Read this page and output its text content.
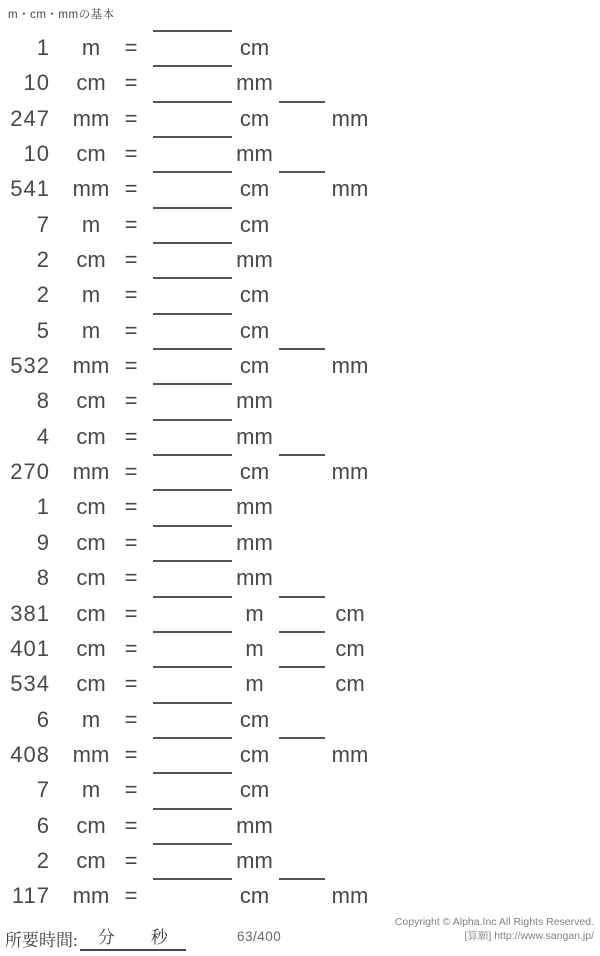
m・cm・mmの基本
1	m	=	cm
10	cm =	mm
247	mm =	cm	mm
10	cm =	mm
541	mm =	cm	mm
7	m	=	cm
2	cm =	mm
2	m	=	cm
5	m	=	cm
532	mm =	cm	mm
8	cm =	mm
4	cm =	mm
270	mm =	cm	mm
1	cm =	mm
9	cm =	mm
8	cm =	mm
381	cm =	m	cm
401	cm =	m	cm
534	cm =	m	cm
6	m	=	cm
408	mm =	cm	mm
7	m	=	cm
6	cm =	mm
2	cm =	mm
117	mm =	cm	mm
所要時間: 分 秒	63/400
Copyright © Alpha.Inc All Rights Reserved.
[算願] http://www.sangan.jp/
